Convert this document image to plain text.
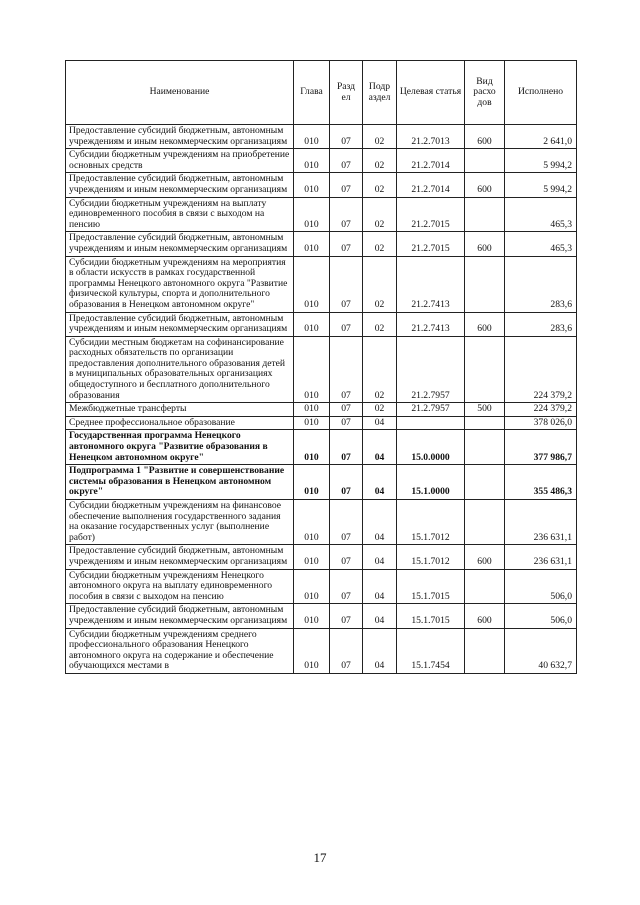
Наименование	Глава	Разд ел	Подр аздел	Целевая статья	Вид расхо дов	Исполнено
Предоставление субсидий бюджетным, автономным учреждениям и иным некоммерческим организациям	010	07	02	21.2.7013	600	2 641,0
Субсидии бюджетным учреждениям на приобретение основных средств	010	07	02	21.2.7014		5 994,2
Предоставление субсидий бюджетным, автономным учреждениям и иным некоммерческим организациям	010	07	02	21.2.7014	600	5 994,2
Субсидии бюджетным учреждениям на выплату единовременного пособия в связи с выходом на пенсию	010	07	02	21.2.7015		465,3
Предоставление субсидий бюджетным, автономным учреждениям и иным некоммерческим организациям	010	07	02	21.2.7015	600	465,3
Субсидии бюджетным учреждениям на мероприятия в области искусств в рамках государственной программы Ненецкого автономного округа "Развитие физической культуры, спорта и дополнительного образования в Ненецком автономном округе"	010	07	02	21.2.7413		283,6
Предоставление субсидий бюджетным, автономным учреждениям и иным некоммерческим организациям	010	07	02	21.2.7413	600	283,6
Субсидии местным бюджетам на софинансирование расходных обязательств по организации предоставления дополнительного образования детей в муниципальных образовательных организациях общедоступного и бесплатного дополнительного образования	010	07	02	21.2.7957		224 379,2
Межбюджетные трансферты	010	07	02	21.2.7957	500	224 379,2
Среднее профессиональное образование	010	07	04			378 026,0
Государственная программа Ненецкого автономного округа "Развитие образования в Ненецком автономном округе"	010	07	04	15.0.0000		377 986,7
Подпрограмма 1 "Развитие и совершенствование системы образования в Ненецком автономном округе"	010	07	04	15.1.0000		355 486,3
Субсидии бюджетным учреждениям на финансовое обеспечение выполнения государственного задания на оказание государственных услуг (выполнение работ)	010	07	04	15.1.7012		236 631,1
Предоставление субсидий бюджетным, автономным учреждениям и иным некоммерческим организациям	010	07	04	15.1.7012	600	236 631,1
Субсидии бюджетным учреждениям Ненецкого автономного округа на выплату единовременного пособия в связи с выходом на пенсию	010	07	04	15.1.7015		506,0
Предоставление субсидий бюджетным, автономным учреждениям и иным некоммерческим организациям	010	07	04	15.1.7015	600	506,0
Субсидии бюджетным учреждениям среднего профессионального образования Ненецкого автономного округа на содержание и обеспечение обучающихся местами в	010	07	04	15.1.7454		40 632,7
17
